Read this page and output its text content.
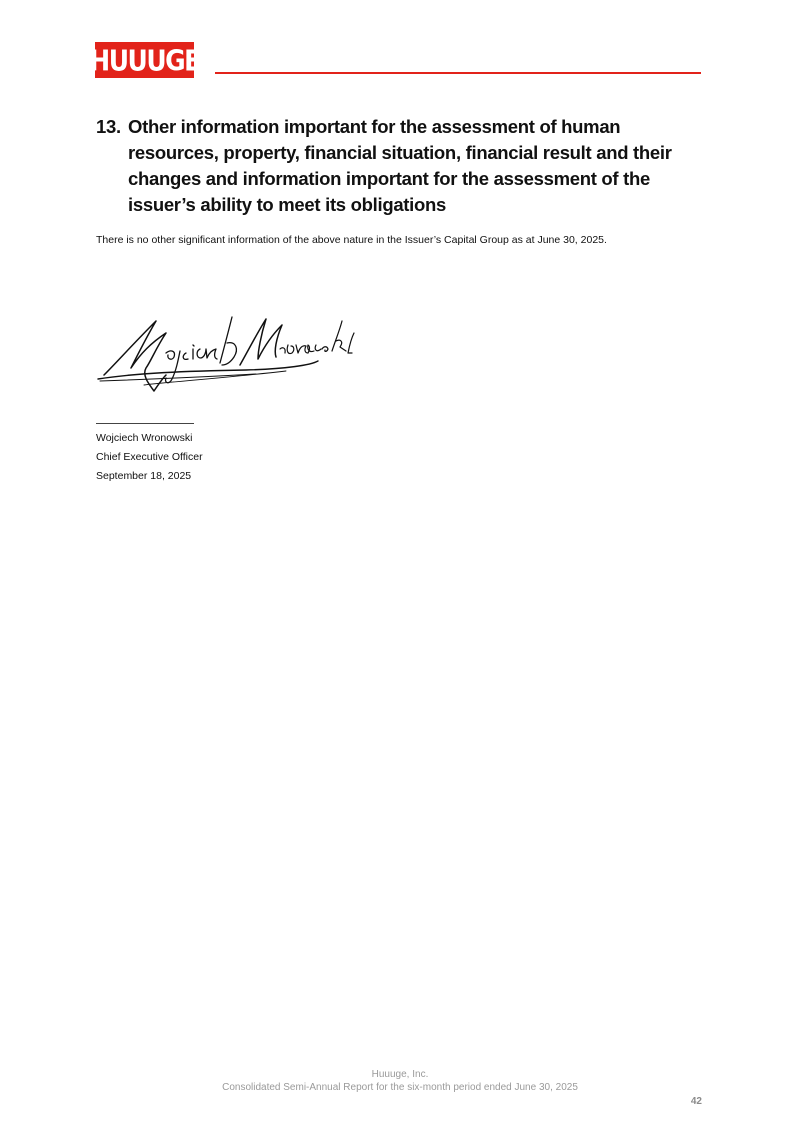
HUUUGE
13. Other information important for the assessment of human resources, property, financial situation, financial result and their changes and information important for the assessment of the issuer’s ability to meet its obligations
There is no other significant information of the above nature in the Issuer’s Capital Group as at June 30, 2025.
Wojciech Wronowski
Chief Executive Officer
September 18, 2025
Huuuge, Inc.
Consolidated Semi-Annual Report for the six-month period ended June 30, 2025
42
